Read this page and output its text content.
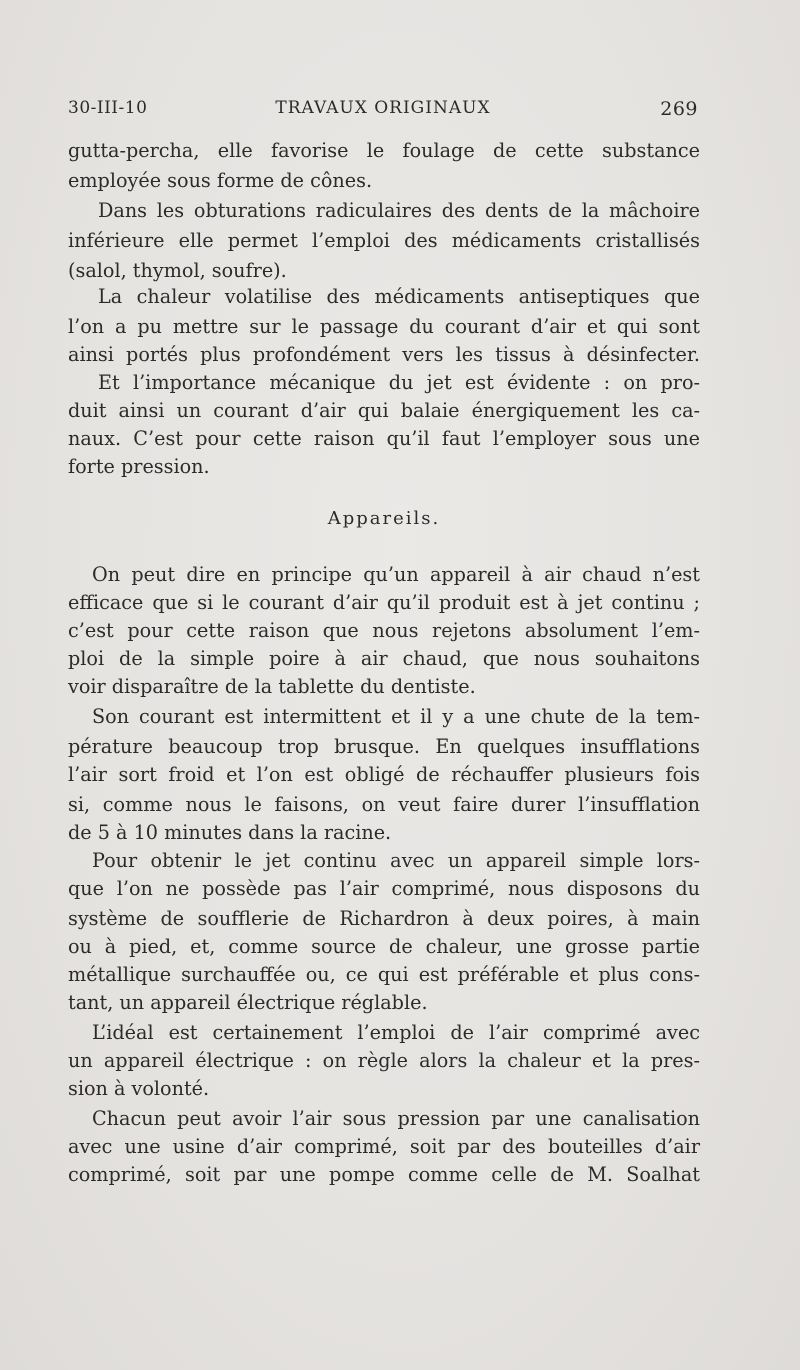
30-III-10	TRAVAUX ORIGINAUX	269
gutta-percha, elle favorise le foulage de cette substance
employée sous forme de cônes.
Dans les obturations radiculaires des dents de la mâchoire
inférieure elle permet l’emploi des médicaments cristallisés
(salol, thymol, soufre).
La chaleur volatilise des médicaments antiseptiques que
l’on a pu mettre sur le passage du courant d’air et qui sont
ainsi portés plus profondément vers les tissus à désinfecter.
Et l’importance mécanique du jet est évidente : on pro-
duit ainsi un courant d’air qui balaie énergiquement les ca-
naux. C’est pour cette raison qu’il faut l’employer sous une
forte pression.
Appareils.
On peut dire en principe qu’un appareil à air chaud n’est
efficace que si le courant d’air qu’il produit est à jet continu ;
c’est pour cette raison que nous rejetons absolument l’em-
ploi de la simple poire à air chaud, que nous souhaitons
voir disparaître de la tablette du dentiste.
Son courant est intermittent et il y a une chute de la tem-
pérature beaucoup trop brusque. En quelques insufflations
l’air sort froid et l’on est obligé de réchauffer plusieurs fois
si, comme nous le faisons, on veut faire durer l’insufflation
de 5 à 10 minutes dans la racine.
Pour obtenir le jet continu avec un appareil simple lors-
que l’on ne possède pas l’air comprimé, nous disposons du
système de soufflerie de Richardron à deux poires, à main
ou à pied, et, comme source de chaleur, une grosse partie
métallique surchauffée ou, ce qui est préférable et plus cons-
tant, un appareil électrique réglable.
L’idéal est certainement l’emploi de l’air comprimé avec
un appareil électrique : on règle alors la chaleur et la pres-
sion à volonté.
Chacun peut avoir l’air sous pression par une canalisation
avec une usine d’air comprimé, soit par des bouteilles d’air
comprimé, soit par une pompe comme celle de M. Soalhat
